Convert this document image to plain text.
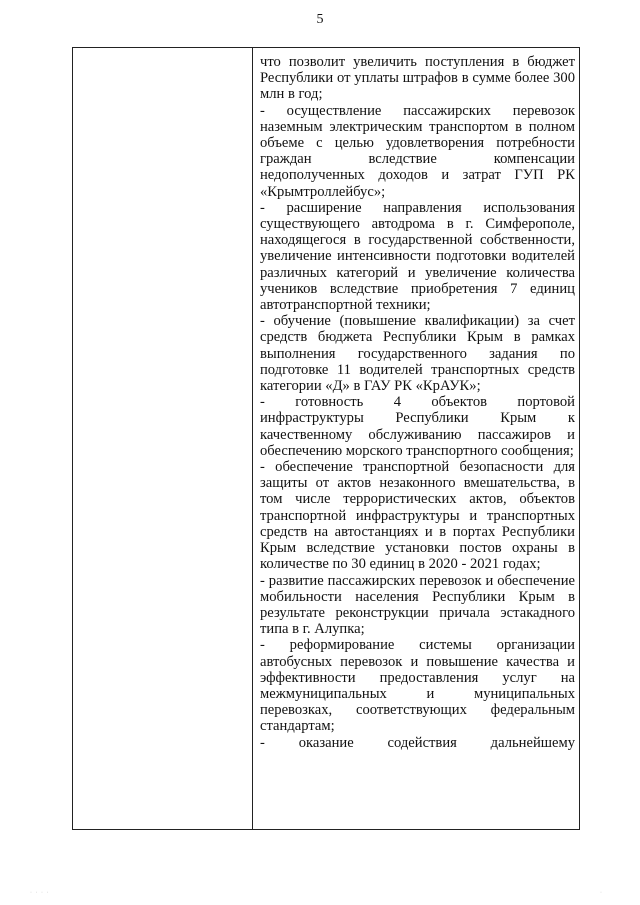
5

что позволит увеличить поступления в бюджет Республики от уплаты штрафов в сумме более 300 млн в год;

- осуществление пассажирских перевозок наземным электрическим транспортом в полном объеме с целью удовлетворения потребности граждан вследствие компенсации недополученных доходов и затрат ГУП РК «Крымтроллейбус»;

- расширение направления использования существующего автодрома в г. Симферополе, находящегося в государственной собственности, увеличение интенсивности подготовки водителей различных категорий и увеличение количества учеников вследствие приобретения 7 единиц автотранспортной техники;

- обучение (повышение квалификации) за счет средств бюджета Республики Крым в рамках выполнения государственного задания по подготовке 11 водителей транспортных средств категории «Д» в ГАУ РК «КрАУК»;

- готовность 4 объектов портовой инфраструктуры Республики Крым к качественному обслуживанию пассажиров и обеспечению морского транспортного сообщения;

- обеспечение транспортной безопасности для защиты от актов незаконного вмешательства, в том числе террористических актов, объектов транспортной инфраструктуры и транспортных средств на автостанциях и в портах Республики Крым вследствие установки постов охраны в количестве по 30 единиц в 2020 - 2021 годах;

- развитие пассажирских перевозок и обеспечение мобильности населения Республики Крым в результате реконструкции причала эстакадного типа в г. Алупка;

- реформирование системы организации автобусных перевозок и повышение качества и эффективности предоставления услуг на межмуниципальных и муниципальных перевозках, соответствующих федеральным стандартам;

- оказание содействия дальнейшему

· · · ·	·
